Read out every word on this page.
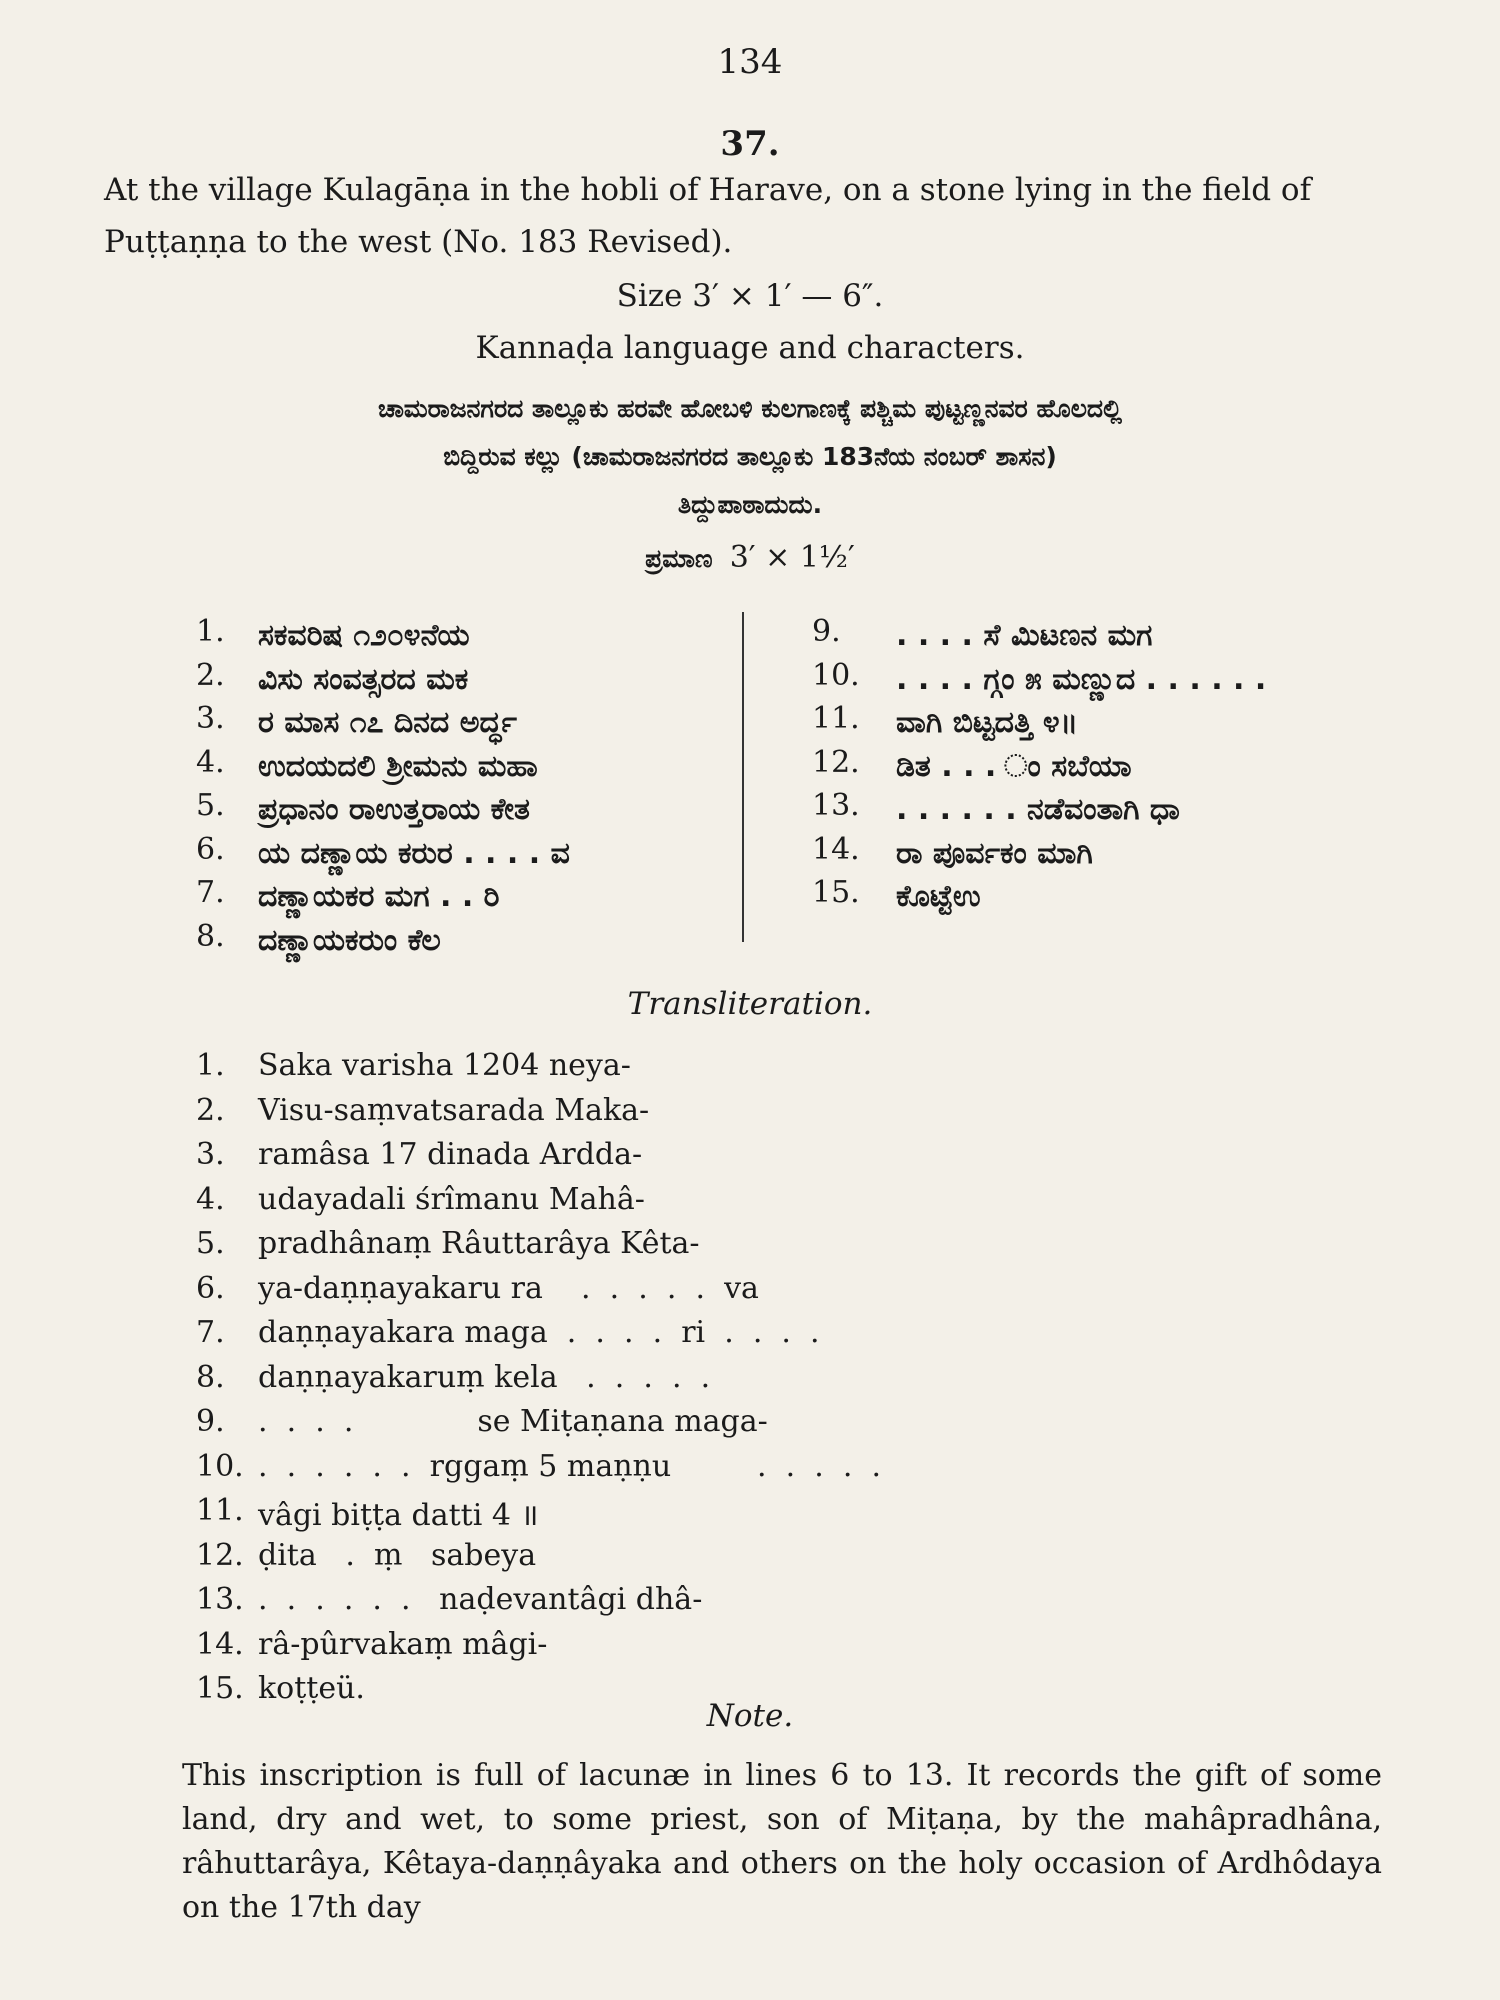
134
37.
At the village Kulagāṇa in the hobli of Harave, on a stone lying in the field of
Puṭṭaṇṇa to the west (No. 183 Revised).
Size 3′ × 1′ — 6″.
Kannaḍa language and characters.
ಚಾಮರಾಜನಗರದ ತಾಲ್ಲೂಕು ಹರವೇ ಹೋಬಳಿ ಕುಲಗಾಣಕ್ಕೆ ಪಶ್ಚಿಮ ಪುಟ್ಟಣ್ಣನವರ ಹೊಲದಲ್ಲಿ
ಬಿದ್ದಿರುವ ಕಲ್ಲು (ಚಾಮರಾಜನಗರದ ತಾಲ್ಲೂಕು 183ನೆಯ ನಂಬರ್ ಶಾಸನ)
ತಿದ್ದುಪಾಠಾದುದು.
ಪ್ರಮಾಣ 3′ × 1½′
1. ಸಕವರಿಷ ೧೨೦೪ನೆಯ
2. ವಿಸು ಸಂವತ್ಸರದ ಮಕ
3. ರ ಮಾಸ ೧೭ ದಿನದ ಅರ್ದ್ಧ
4. ಉದಯದಲಿ ಶ್ರೀಮನು ಮಹಾ
5. ಪ್ರಧಾನಂ ರಾಉತ್ತರಾಯ ಕೇತ
6. ಯ ದಣ್ಣಾಯ ಕರುರ . . . . ವ
7. ದಣ್ಣಾಯಕರ ಮಗ . . ರಿ
8. ದಣ್ಣಾಯಕರುಂ ಕೆಲ
9. . . . . ಸೆ ಮಿಟಣನ ಮಗ
10. . . . . ಗ್ಗಂ ೫ ಮಣ್ಣುದ . . . . . .
11. ವಾಗಿ ಬಿಟ್ಟದತ್ತಿ ೪॥
12. ಡಿತ . . . ಂ ಸಬೆಯಾ
13. . . . . . . ನಡೆವಂತಾಗಿ ಧಾ
14. ರಾ ಪೂರ್ವಕಂ ಮಾಗಿ
15. ಕೊಟ್ಟೆಉ
Transliteration.
1. Saka varisha 1204 neya-
2. Visu-saṃvatsarada Maka-
3. ramâsa 17 dinada Ardda-
4. udayadali śrîmanu Mahâ-
5. pradhânaṃ Râuttarâya Kêta-
6. ya-daṇṇayakaru ra    .  .  .  .  .  va
7. daṇṇayakara maga  .  .  .  .  ri  .  .  .  .
8. daṇṇayakaruṃ kela   .  .  .  .  .
9. .  .  .  .             se Miṭaṇana maga-
10. .  .  .  .  .  .  rggaṃ 5 maṇṇu         .  .  .  .  .
11. vâgi biṭṭa datti 4 ॥
12. ḍita   .  ṃ   sabeya
13. .  .  .  .  .  .   naḍevantâgi dhâ-
14. râ-pûrvakaṃ mâgi-
15. koṭṭeü.
Note.
This inscription is full of lacunæ in lines 6 to 13. It records the gift of some land, dry and wet, to some priest, son of Miṭaṇa, by the mahâpradhâna, râhuttarâya, Kêtaya-daṇṇâyaka and others on the holy occasion of Ardhôdaya on the 17th day
